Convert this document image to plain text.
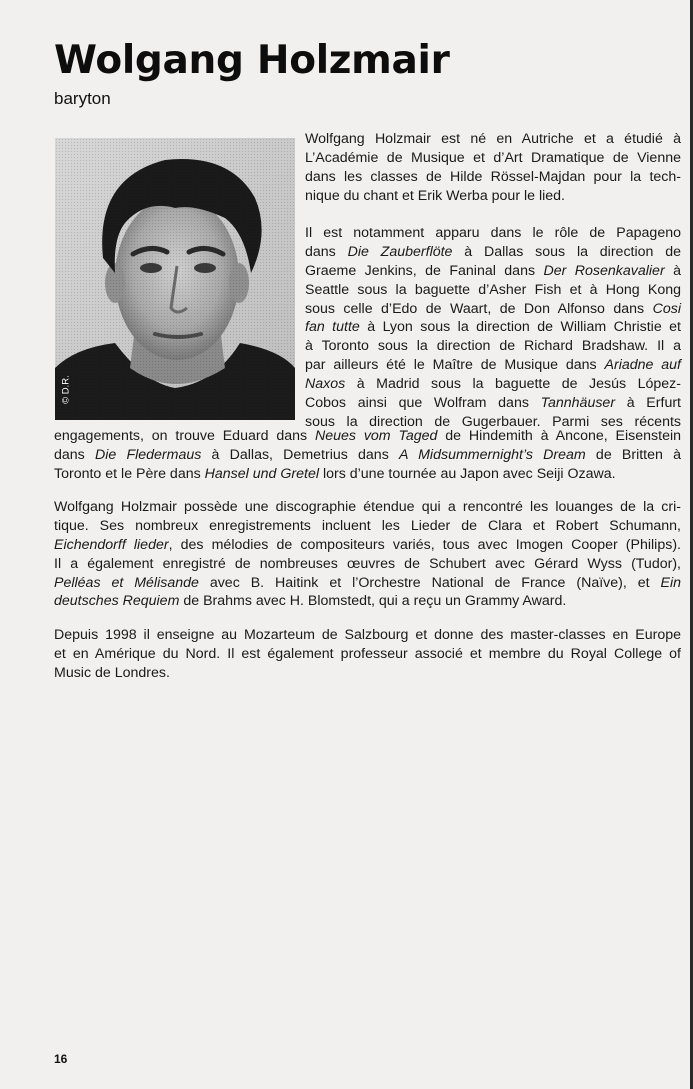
Wolgang Holzmair
baryton
© D.R.
Wolfgang Holzmair est né en Autriche et a étudié à
L’Académie de Musique et d’Art Dramatique de Vienne
dans les classes de Hilde Rössel-Majdan pour la tech-
nique du chant et Erik Werba pour le lied.
Il est notamment apparu dans le rôle de Papageno
dans Die Zauberflöte à Dallas sous la direction de
Graeme Jenkins, de Faninal dans Der Rosenkavalier à
Seattle sous la baguette d’Asher Fish et à Hong Kong
sous celle d’Edo de Waart, de Don Alfonso dans Cosi
fan tutte à Lyon sous la direction de William Christie et
à Toronto sous la direction de Richard Bradshaw. Il a
par ailleurs été le Maître de Musique dans Ariadne auf
Naxos à Madrid sous la baguette de Jesús López-
Cobos ainsi que Wolfram dans Tannhäuser à Erfurt
sous la direction de Gugerbauer. Parmi ses récents
engagements, on trouve Eduard dans Neues vom Taged de Hindemith à Ancone, Eisenstein
dans Die Fledermaus à Dallas, Demetrius dans A Midsummernight’s Dream de Britten à
Toronto et le Père dans Hansel und Gretel lors d’une tournée au Japon avec Seiji Ozawa.
Wolfgang Holzmair possède une discographie étendue qui a rencontré les louanges de la cri-
tique. Ses nombreux enregistrements incluent les Lieder de Clara et Robert Schumann,
Eichendorff lieder, des mélodies de compositeurs variés, tous avec Imogen Cooper (Philips).
Il a également enregistré de nombreuses œuvres de Schubert avec Gérard Wyss (Tudor),
Pelléas et Mélisande avec B. Haitink et l’Orchestre National de France (Naïve), et Ein
deutsches Requiem de Brahms avec H. Blomstedt, qui a reçu un Grammy Award.
Depuis 1998 il enseigne au Mozarteum de Salzbourg et donne des master-classes en Europe
et en Amérique du Nord. Il est également professeur associé et membre du Royal College of
Music de Londres.
16
